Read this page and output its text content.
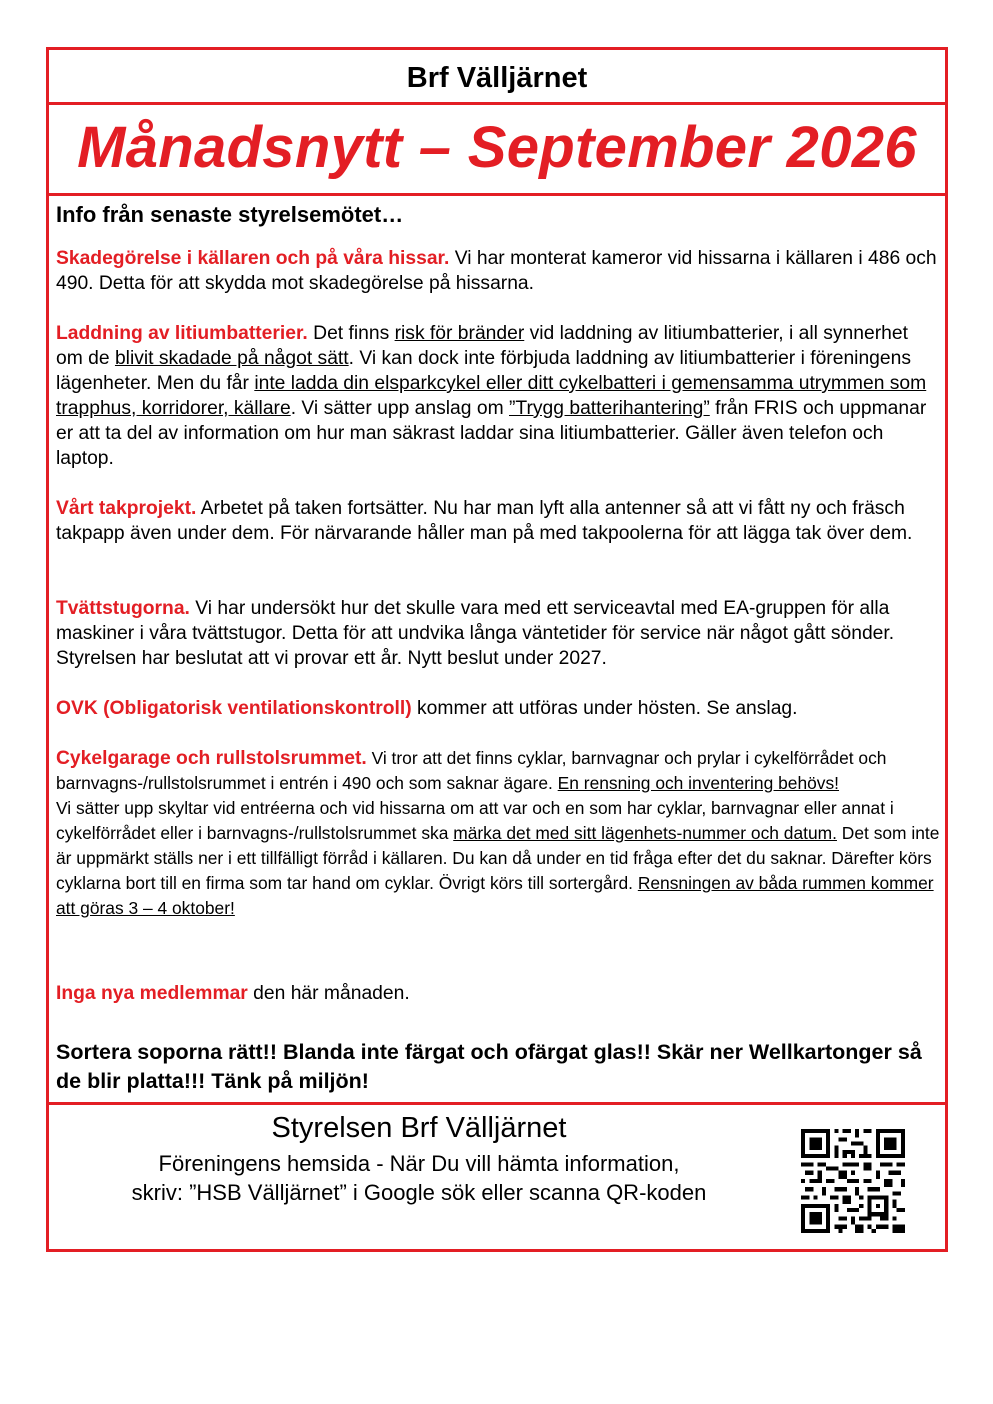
Brf Välljärnet
Månadsnytt – September 2026
Info från senaste styrelsemötet…
Skadegörelse i källaren och på våra hissar. Vi har monterat kameror vid hissarna i källaren i 486 och 490. Detta för att skydda mot skadegörelse på hissarna.
Laddning av litiumbatterier. Det finns risk för bränder vid laddning av litiumbatterier, i all synnerhet om de blivit skadade på något sätt. Vi kan dock inte förbjuda laddning av litiumbatterier i föreningens lägenheter. Men du får inte ladda din elsparkcykel eller ditt cykelbatteri i gemensamma utrymmen som trapphus, korridorer, källare. Vi sätter upp anslag om ”Trygg batterihantering” från FRIS och uppmanar er att ta del av information om hur man säkrast laddar sina litiumbatterier. Gäller även telefon och laptop.
Vårt takprojekt. Arbetet på taken fortsätter. Nu har man lyft alla antenner så att vi fått ny och fräsch takpapp även under dem. För närvarande håller man på med takpoolerna för att lägga tak över dem.
Tvättstugorna. Vi har undersökt hur det skulle vara med ett serviceavtal med EA-gruppen för alla maskiner i våra tvättstugor. Detta för att undvika långa väntetider för service när något gått sönder. Styrelsen har beslutat att vi provar ett år. Nytt beslut under 2027.
OVK (Obligatorisk ventilationskontroll) kommer att utföras under hösten. Se anslag.
Cykelgarage och rullstolsrummet. Vi tror att det finns cyklar, barnvagnar och prylar i cykelförrådet och barnvagns-/rullstolsrummet i entrén i 490 och som saknar ägare. En rensning och inventering behövs!
Vi sätter upp skyltar vid entréerna och vid hissarna om att var och en som har cyklar, barnvagnar eller annat i cykelförrådet eller i barnvagns-/rullstolsrummet ska märka det med sitt lägenhets-nummer och datum. Det som inte är uppmärkt ställs ner i ett tillfälligt förråd i källaren. Du kan då under en tid fråga efter det du saknar. Därefter körs cyklarna bort till en firma som tar hand om cyklar. Övrigt körs till sortergård. Rensningen av båda rummen kommer att göras 3 – 4 oktober!
Inga nya medlemmar den här månaden.
Sortera soporna rätt!! Blanda inte färgat och ofärgat glas!! Skär ner Wellkartonger så de blir platta!!! Tänk på miljön!
Styrelsen Brf Välljärnet
Föreningens hemsida - När Du vill hämta information,
skriv: ”HSB Välljärnet” i Google sök eller scanna QR-koden
